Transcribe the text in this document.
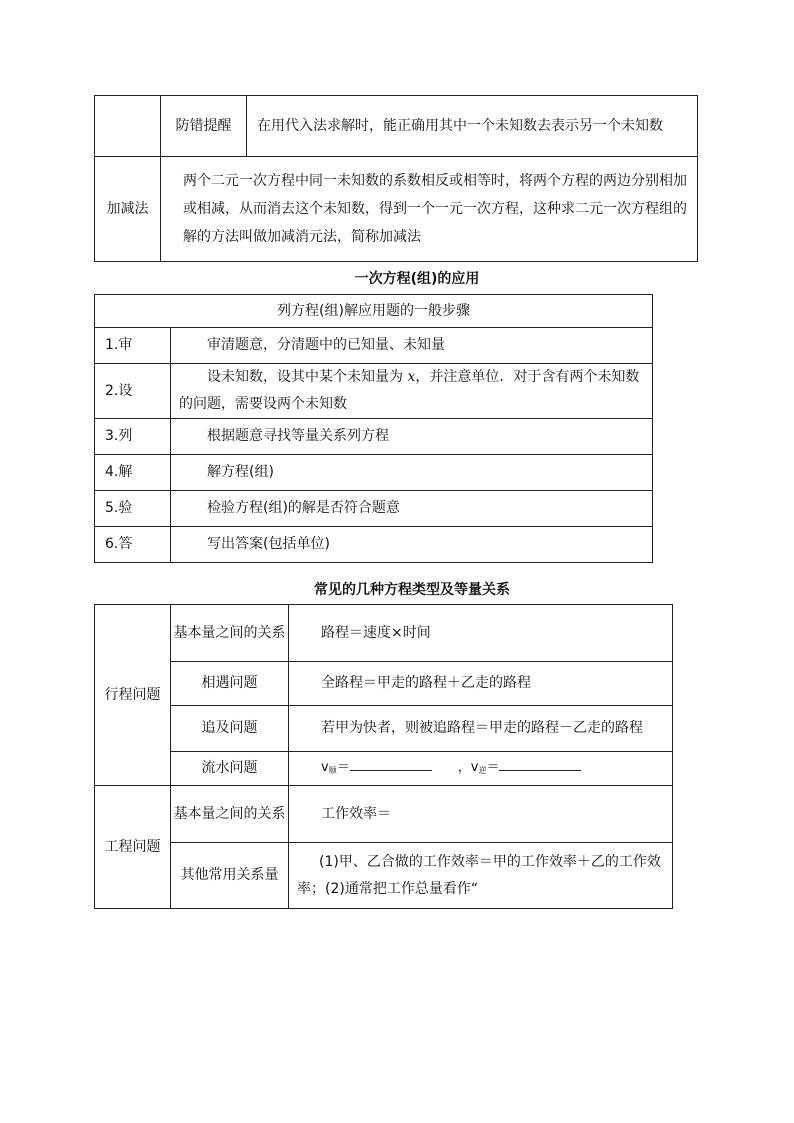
	防错提醒	在用代入法求解时，能正确用其中一个未知数去表示另一个未知数
加减法	两个二元一次方程中同一未知数的系数相反或相等时，将两个方程的两边分别相加或相减，从而消去这个未知数，得到一个一元一次方程，这种求二元一次方程组的解的方法叫做加减消元法，简称加减法	
一次方程(组)的应用
列方程(组)解应用题的一般步骤	
1.审	审清题意，分清题中的已知量、未知量
2.设	设未知数，设其中某个未知量为 x，并注意单位．对于含有两个未知数的问题，需要设两个未知数
3.列	根据题意寻找等量关系列方程
4.解	解方程(组)
5.验	检验方程(组)的解是否符合题意
6.答	写出答案(包括单位)
常见的几种方程类型及等量关系
行程问题	基本量之间的关系	路程＝速度×时间
	相遇问题	全路程＝甲走的路程＋乙走的路程
	追及问题	若甲为快者，则被追路程＝甲走的路程－乙走的路程
	流水问题	$v_顺=$ ，$v_逆=$
工程问题	基本量之间的关系	工作效率＝
	其他常用关系量	(1)甲、乙合做的工作效率＝甲的工作效率＋乙的工作效率；(2)通常把工作总量看作“
